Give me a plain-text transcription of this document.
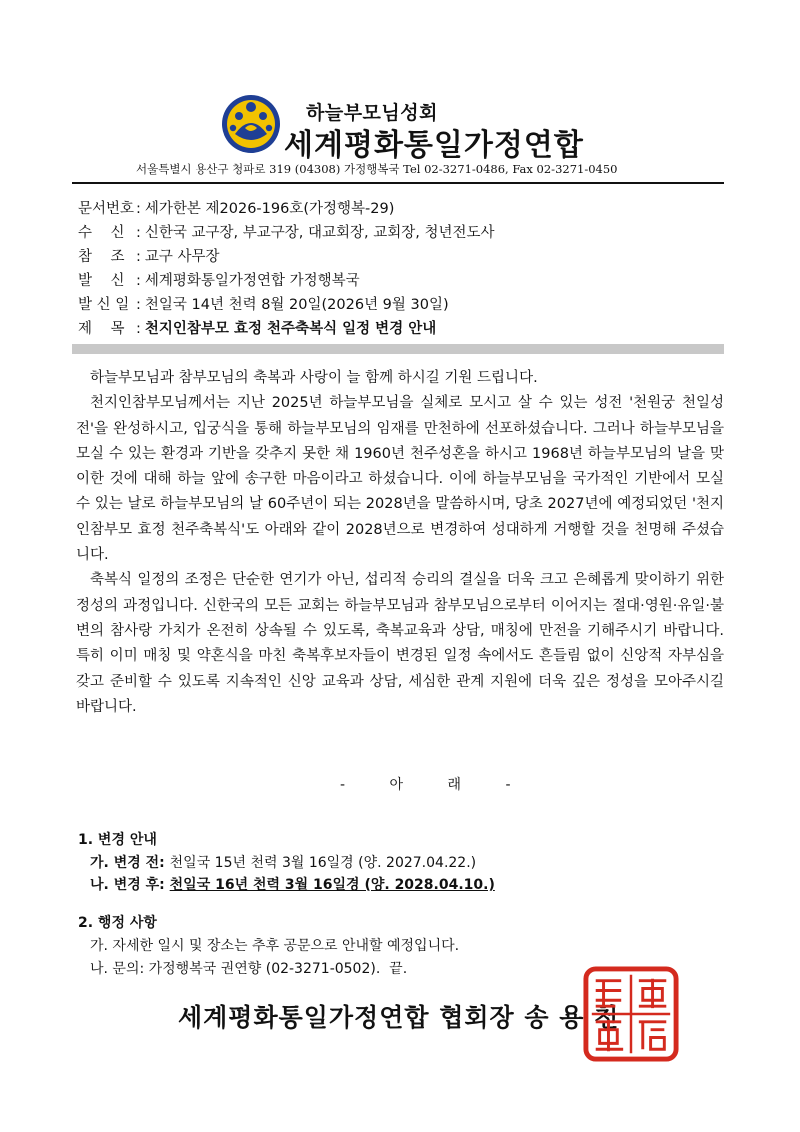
하늘부모님성회
세계평화통일가정연합
서울특별시 용산구 청파로 319 (04308) 가정행복국 Tel 02-3271-0486, Fax 02-3271-0450
문서번호 : 세가한본 제2026-196호(가정행복-29)
수    신 : 신한국 교구장, 부교구장, 대교회장, 교회장, 청년전도사
참    조 : 교구 사무장
발    신 : 세계평화통일가정연합 가정행복국
발 신 일 : 천일국 14년 천력 8월 20일(2026년 9월 30일)
제    목 : 천지인참부모 효정 천주축복식 일정 변경 안내

하늘부모님과 참부모님의 축복과 사랑이 늘 함께 하시길 기원 드립니다.

천지인참부모님께서는 지난 2025년 하늘부모님을 실체로 모시고 살 수 있는 성전 '천원궁 천일성전'을 완성하시고, 입궁식을 통해 하늘부모님의 임재를 만천하에 선포하셨습니다. 그러나 하늘부모님을 모실 수 있는 환경과 기반을 갖추지 못한 채 1960년 천주성혼을 하시고 1968년 하늘부모님의 날을 맞이한 것에 대해 하늘 앞에 송구한 마음이라고 하셨습니다. 이에 하늘부모님을 국가적인 기반에서 모실 수 있는 날로 하늘부모님의 날 60주년이 되는 2028년을 말씀하시며, 당초 2027년에 예정되었던 '천지인참부모 효정 천주축복식'도 아래와 같이 2028년으로 변경하여 성대하게 거행할 것을 천명해 주셨습니다.

축복식 일정의 조정은 단순한 연기가 아닌, 섭리적 승리의 결실을 더욱 크고 은혜롭게 맞이하기 위한 정성의 과정입니다. 신한국의 모든 교회는 하늘부모님과 참부모님으로부터 이어지는 절대·영원·유일·불변의 참사랑 가치가 온전히 상속될 수 있도록, 축복교육과 상담, 매칭에 만전을 기해주시기 바랍니다. 특히 이미 매칭 및 약혼식을 마친 축복후보자들이 변경된 일정 속에서도 흔들림 없이 신앙적 자부심을 갖고 준비할 수 있도록 지속적인 신앙 교육과 상담, 세심한 관계 지원에 더욱 깊은 정성을 모아주시길 바랍니다.

- 아 래 -
1. 변경 안내
가. 변경 전: 천일국 15년 천력 3월 16일경 (양. 2027.04.22.)
나. 변경 후: 천일국 16년 천력 3월 16일경 (양. 2028.04.10.)
2. 행정 사항
가. 자세한 일시 및 장소는 추후 공문으로 안내할 예정입니다.
나. 문의: 가정행복국 권연향 (02-3271-0502).  끝.
세계평화통일가정연합 협회장 송 용 천
